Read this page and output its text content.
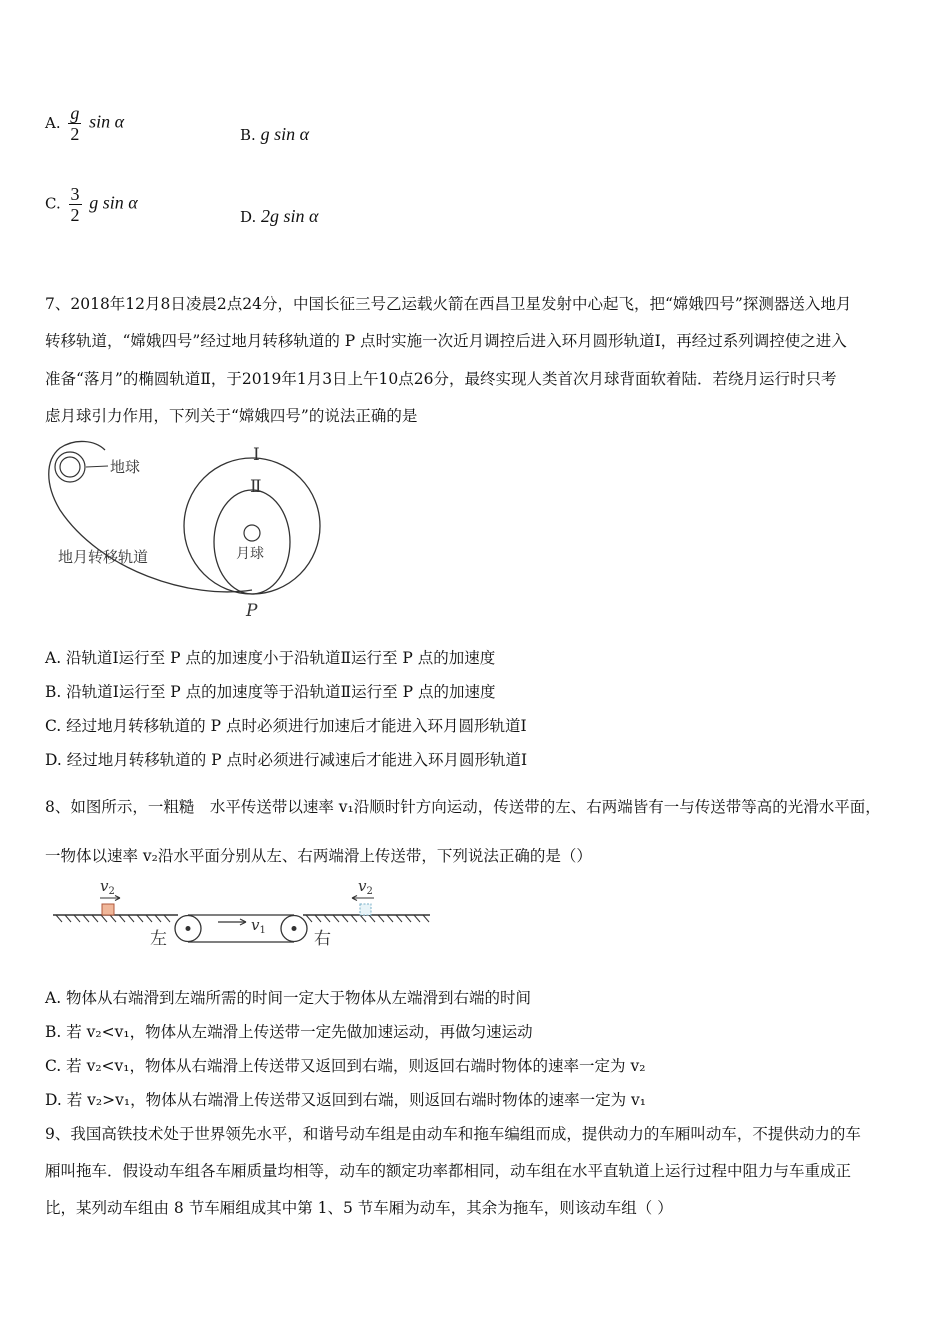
A. $\frac{g}{2}$ sin α
B. g sin α
C. $\frac{3}{2}$ g sin α
D. 2g sin α
7、2018年12月8日凌晨2点24分，中国长征三号乙运载火箭在西昌卫星发射中心起飞，把“嫦娥四号”探测器送入地月
转移轨道，“嫦娥四号”经过地月转移轨道的 P 点时实施一次近月调控后进入环月圆形轨道Ⅰ，再经过系列调控使之进入
准备“落月”的椭圆轨道Ⅱ，于2019年1月3日上午10点26分，最终实现人类首次月球背面软着陆．若绕月运行时只考
虑月球引力作用，下列关于“嫦娥四号”的说法正确的是
地球
月球
Ⅰ
Ⅱ
地月转移轨道
P
A. 沿轨道Ⅰ运行至 P 点的加速度小于沿轨道Ⅱ运行至 P 点的加速度
B. 沿轨道Ⅰ运行至 P 点的加速度等于沿轨道Ⅱ运行至 P 点的加速度
C. 经过地月转移轨道的 P 点时必须进行加速后才能进入环月圆形轨道Ⅰ
D. 经过地月转移轨道的 P 点时必须进行减速后才能进入环月圆形轨道Ⅰ
8、如图所示，一粗糙　水平传送带以速率 v₁沿顺时针方向运动，传送带的左、右两端皆有一与传送带等高的光滑水平面，
一物体以速率 v₂沿水平面分别从左、右两端滑上传送带，下列说法正确的是（）
$v_1$
$v_2$	$v_2$
左	右
A. 物体从右端滑到左端所需的时间一定大于物体从左端滑到右端的时间
B. 若 v₂<v₁，物体从左端滑上传送带一定先做加速运动，再做匀速运动
C. 若 v₂<v₁，物体从右端滑上传送带又返回到右端，则返回右端时物体的速率一定为 v₂
D. 若 v₂>v₁，物体从右端滑上传送带又返回到右端，则返回右端时物体的速率一定为 v₁
9、我国高铁技术处于世界领先水平，和谐号动车组是由动车和拖车编组而成，提供动力的车厢叫动车，不提供动力的车
厢叫拖车．假设动车组各车厢质量均相等，动车的额定功率都相同，动车组在水平直轨道上运行过程中阻力与车重成正
比，某列动车组由 8 节车厢组成其中第 1、5 节车厢为动车，其余为拖车，则该动车组（ ）
